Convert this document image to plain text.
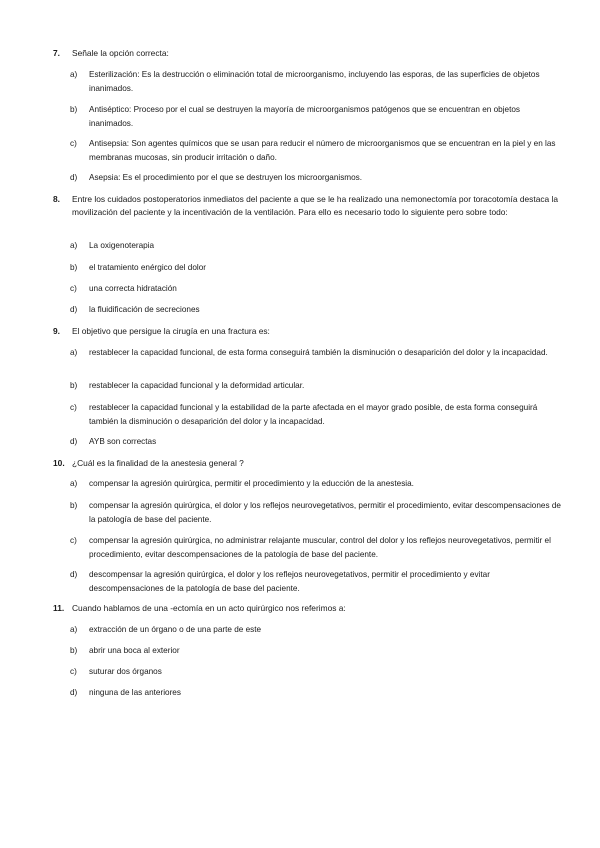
7.	Señale la opción correcta:
a)	Esterilización: Es la destrucción o eliminación total de microorganismo, incluyendo las esporas, de las superficies de objetos inanimados.
b)	Antiséptico: Proceso por el cual se destruyen la mayoría de microorganismos patógenos que se encuentran en objetos inanimados.
c)	Antisepsia: Son agentes químicos que se usan para reducir el número de microorganismos que se encuentran en la piel y en las membranas mucosas, sin producir irritación o daño.
d)	Asepsia: Es el procedimiento por el que se destruyen los microorganismos.
8.	Entre los cuidados postoperatorios inmediatos del paciente a que se le ha realizado una nemonectomía por toracotomía destaca la movilización del paciente y la incentivación de la ventilación. Para ello es necesario todo lo siguiente pero sobre todo:
a)	La oxigenoterapia
b)	el tratamiento enérgico del dolor
c)	una correcta hidratación
d)	la fluidificación de secreciones
9.	El objetivo que persigue la cirugía en una fractura es:
a)	restablecer la capacidad funcional, de esta forma conseguirá también la disminución o desaparición del dolor y la incapacidad.
b)	restablecer la capacidad funcional y la deformidad articular.
c)	restablecer la capacidad funcional y la estabilidad de la parte afectada en el mayor grado posible, de esta forma conseguirá también la disminución o desaparición del dolor y la incapacidad.
d)	AYB son correctas
10. ¿Cuál es la finalidad de la anestesia general ?
a)	compensar la agresión quirúrgica, permitir el procedimiento y la educción de la anestesia.
b)	compensar la agresión quirúrgica, el dolor y los reflejos neurovegetativos, permitir el procedimiento, evitar descompensaciones de la patología de base del paciente.
c)	compensar la agresión quirúrgica, no administrar relajante muscular, control del dolor y los reflejos neurovegetativos, permitir el procedimiento, evitar descompensaciones de la patología de base del paciente.
d)	descompensar la agresión quirúrgica, el dolor y los reflejos neurovegetativos, permitir el procedimiento y evitar descompensaciones de la patología de base del paciente.
11. Cuando hablamos de una -ectomía en un acto quirúrgico nos referimos a:
a)	extracción de un órgano o de una parte de este
b)	abrir una boca al exterior
c)	suturar dos órganos
d)	ninguna de las anteriores
